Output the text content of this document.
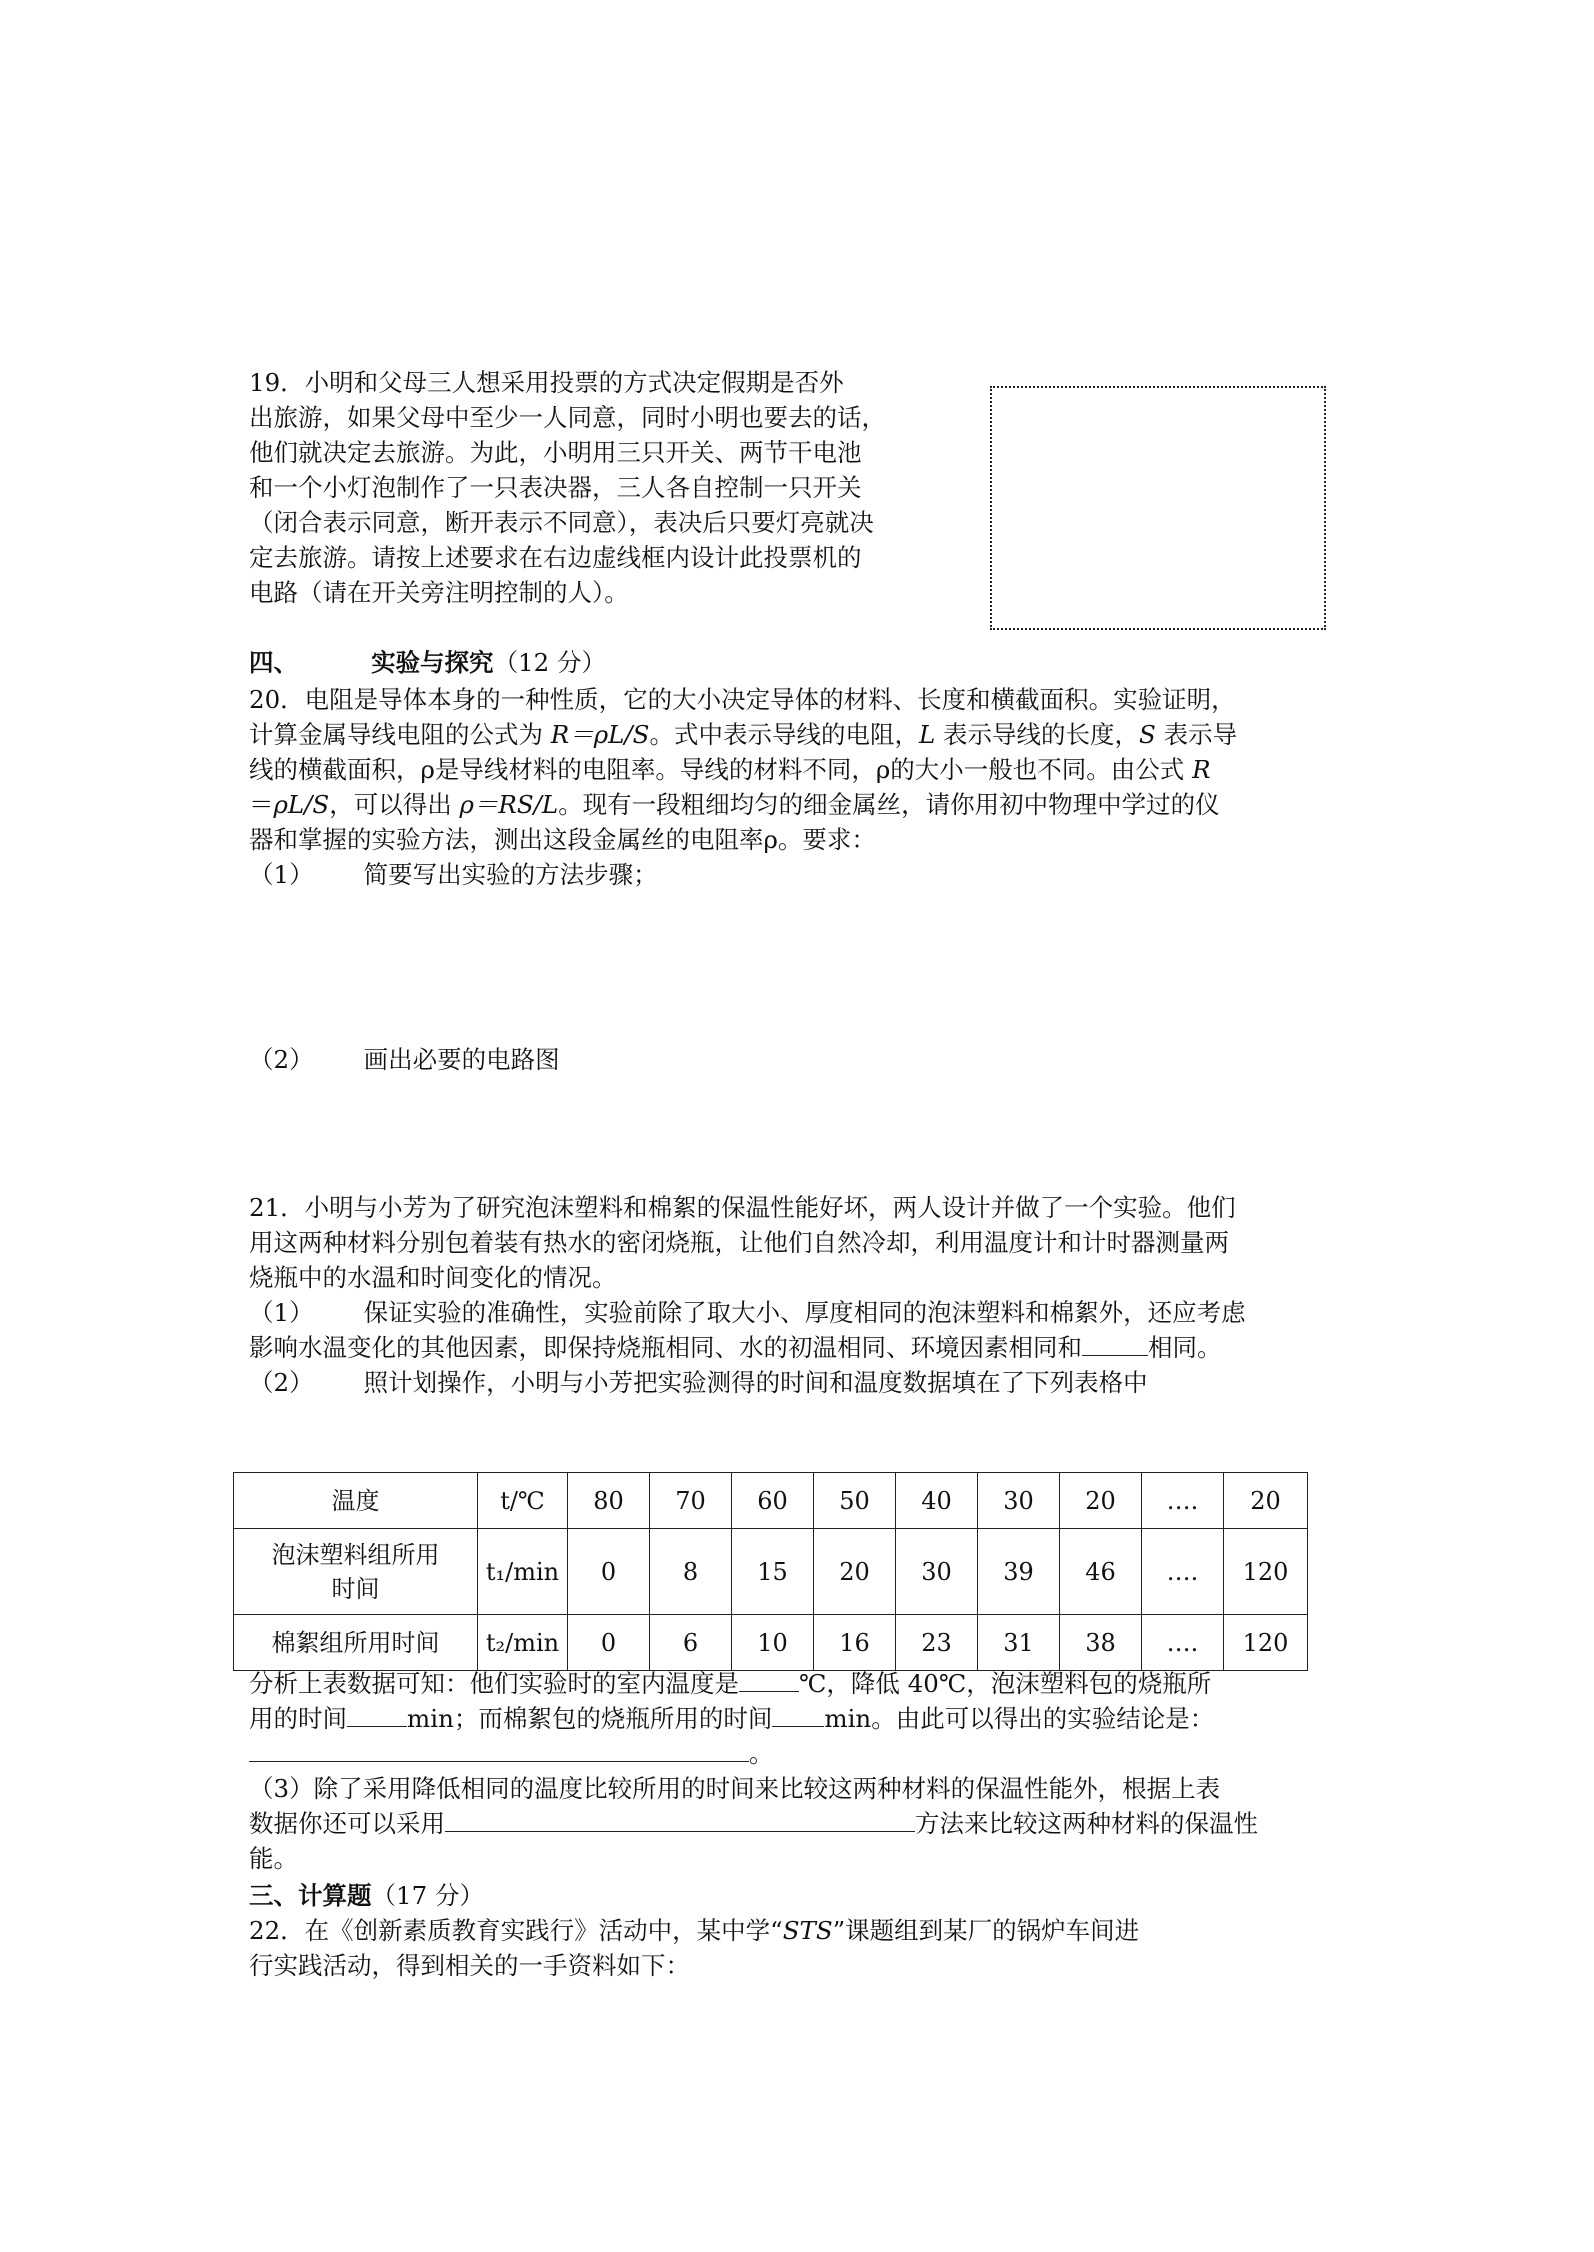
19．小明和父母三人想采用投票的方式决定假期是否外
出旅游，如果父母中至少一人同意，同时小明也要去的话，
他们就决定去旅游。为此，小明用三只开关、两节干电池
和一个小灯泡制作了一只表决器，三人各自控制一只开关
（闭合表示同意，断开表示不同意），表决后只要灯亮就决
定去旅游。请按上述要求在右边虚线框内设计此投票机的
电路（请在开关旁注明控制的人）。
四、	实验与探究（12 分）
20．电阻是导体本身的一种性质，它的大小决定导体的材料、长度和横截面积。实验证明，
计算金属导线电阻的公式为 R＝ρL/S。式中表示导线的电阻，L 表示导线的长度，S 表示导
线的横截面积，ρ是导线材料的电阻率。导线的材料不同，ρ的大小一般也不同。由公式 R
＝ρL/S，可以得出 ρ＝RS/L。现有一段粗细均匀的细金属丝，请你用初中物理中学过的仪
器和掌握的实验方法，测出这段金属丝的电阻率ρ。要求：
（1） 简要写出实验的方法步骤；
（2） 画出必要的电路图
21．小明与小芳为了研究泡沫塑料和棉絮的保温性能好坏，两人设计并做了一个实验。他们
用这两种材料分别包着装有热水的密闭烧瓶，让他们自然冷却，利用温度计和计时器测量两
烧瓶中的水温和时间变化的情况。
（1） 保证实验的准确性，实验前除了取大小、厚度相同的泡沫塑料和棉絮外，还应考虑
影响水温变化的其他因素，即保持烧瓶相同、水的初温相同、环境因素相同和	相同。
（2） 照计划操作，小明与小芳把实验测得的时间和温度数据填在了下列表格中
温度	t/℃	80	70	60	50	40	30	20	….	20

泡沫塑料组所用
时间	t₁/min	0	8	15	20	30	39	46	….	120
棉絮组所用时间	t₂/min	0	6	10	16	23	31	38	….	120
分析上表数据可知：他们实验时的室内温度是 ℃，降低 40℃，泡沫塑料包的烧瓶所
用的时间 min；而棉絮包的烧瓶所用的时间 min。由此可以得出的实验结论是：
。
（3）除了采用降低相同的温度比较所用的时间来比较这两种材料的保温性能外，根据上表
数据你还可以采用	方法来比较这两种材料的保温性
能。
三、计算题（17 分）
22．在《创新素质教育实践行》活动中，某中学“STS”课题组到某厂的锅炉车间进
行实践活动，得到相关的一手资料如下：
